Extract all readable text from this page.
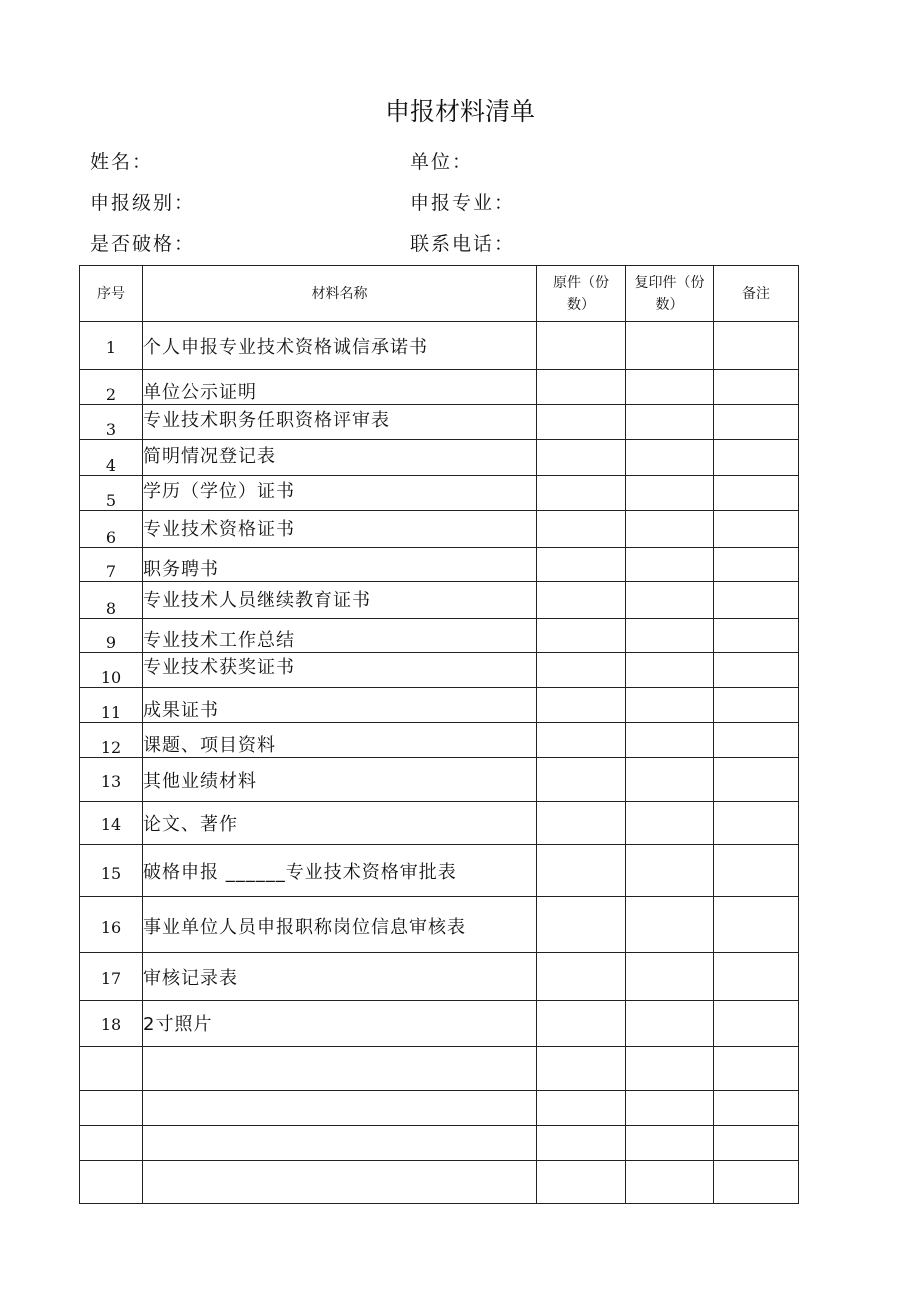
申报材料清单
姓名：	单位：
申报级别：	申报专业：
是否破格：	联系电话：
序号	材料名称	原件（份数）	复印件（份数）	备注
1	个人申报专业技术资格诚信承诺书			
2	单位公示证明			
3	专业技术职务任职资格评审表			
4	简明情况登记表			
5	学历（学位）证书			
6	专业技术资格证书			
7	职务聘书			
8	专业技术人员继续教育证书			
9	专业技术工作总结			
10	专业技术获奖证书			
11	成果证书			
12	课题、项目资料			
13	其他业绩材料			
14	论文、著作			
15	破格申报 ______专业技术资格审批表			
16	事业单位人员申报职称岗位信息审核表			
17	审核记录表			
18	2寸照片			
